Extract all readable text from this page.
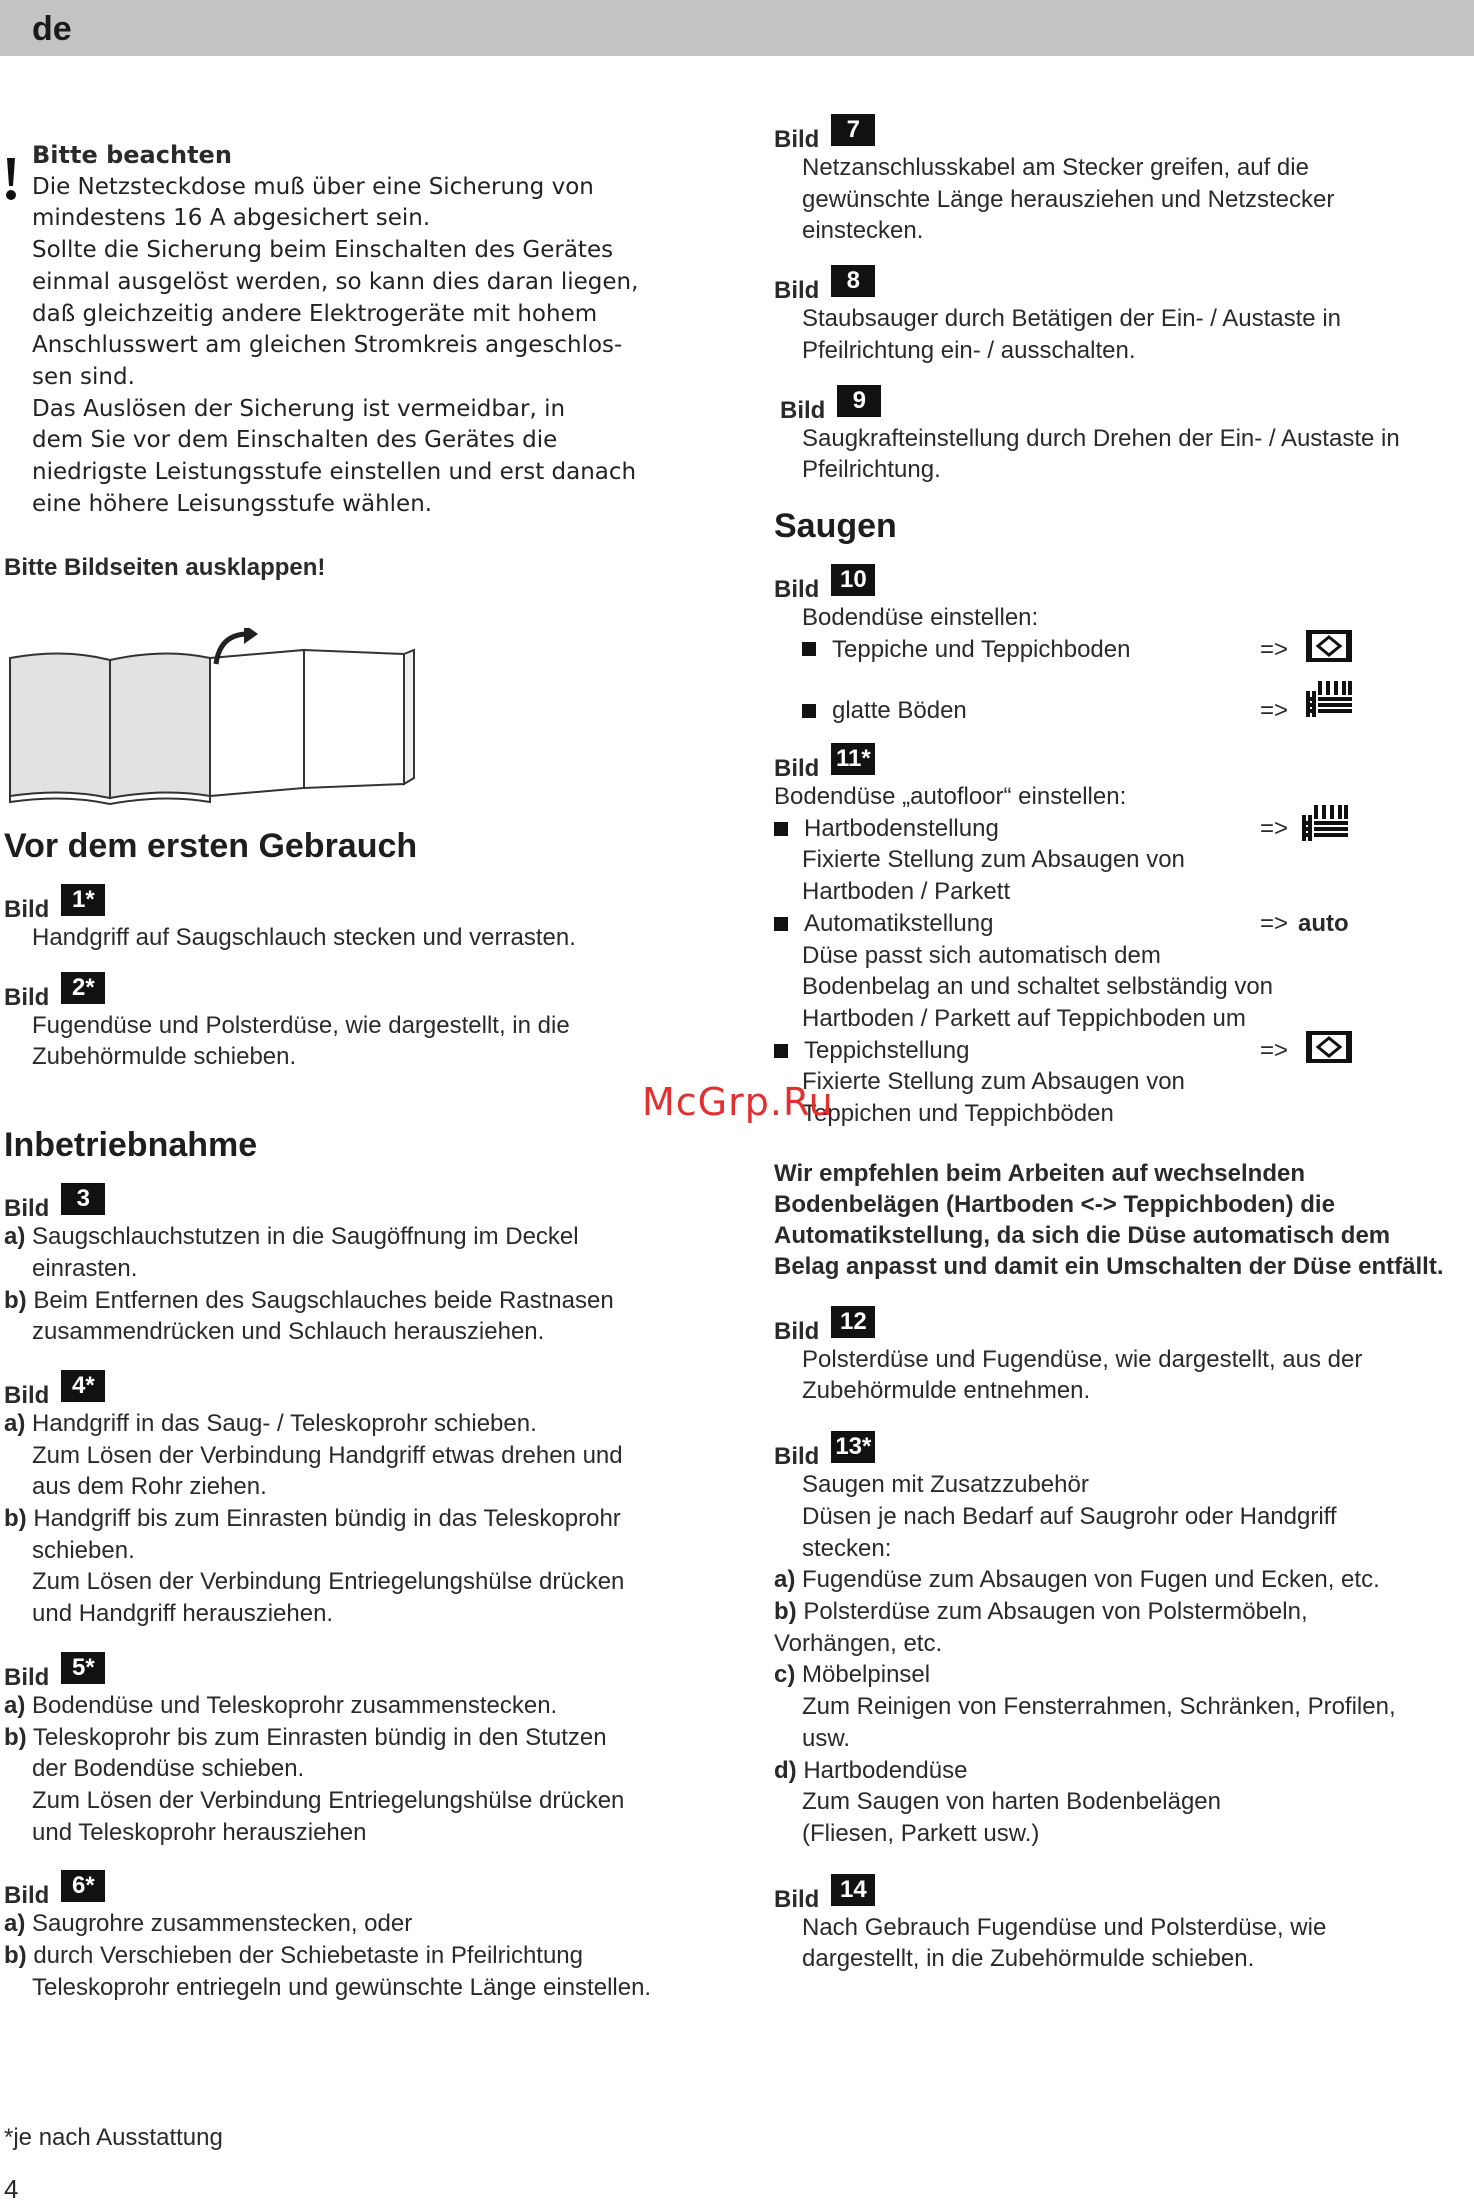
de
Bitte beachten
Die Netzsteckdose muß über eine Sicherung von
mindestens 16 A abgesichert sein.
Sollte die Sicherung beim Einschalten des Gerätes
einmal ausgelöst werden, so kann dies daran liegen,
daß gleichzeitig andere Elektrogeräte mit hohem
Anschlusswert am gleichen Stromkreis angeschlos-
sen sind.
Das Auslösen der Sicherung ist vermeidbar, in
dem Sie vor dem Einschalten des Gerätes die
niedrigste Leistungsstufe einstellen und erst danach
eine höhere Leisungsstufe wählen.
Bitte Bildseiten ausklappen!
Vor dem ersten Gebrauch
Bild 1*
Handgriff auf Saugschlauch stecken und verrasten.
Bild 2*
Fugendüse und Polsterdüse, wie dargestellt, in die
Zubehörmulde schieben.
Inbetriebnahme
Bild	3
a) Saugschlauchstutzen in die Saugöffnung im Deckel
einrasten.
b) Beim Entfernen des Saugschlauches beide Rastnasen
zusammendrücken und Schlauch herausziehen.
Bild 4*
a) Handgriff in das Saug- / Teleskoprohr schieben.
Zum Lösen der Verbindung Handgriff etwas drehen und
aus dem Rohr ziehen.
b) Handgriff bis zum Einrasten bündig in das Teleskoprohr
schieben.
Zum Lösen der Verbindung Entriegelungshülse drücken
und Handgriff herausziehen.
Bild 5*
a) Bodendüse und Teleskoprohr zusammenstecken.
b) Teleskoprohr bis zum Einrasten bündig in den Stutzen
der Bodendüse schieben.
Zum Lösen der Verbindung Entriegelungshülse drücken
und Teleskoprohr herausziehen
Bild 6*
a) Saugrohre zusammenstecken, oder
b) durch Verschieben der Schiebetaste in Pfeilrichtung
Teleskoprohr entriegeln und gewünschte Länge einstellen.
Bild	7
Netzanschlusskabel am Stecker greifen, auf die
gewünschte Länge herausziehen und Netzstecker
einstecken.
Bild	8
Staubsauger durch Betätigen der Ein- / Austaste in
Pfeilrichtung ein- / ausschalten.
Bild	9
Saugkrafteinstellung durch Drehen der Ein- / Austaste in
Pfeilrichtung.
Saugen
Bild 10
Bodendüse einstellen:
Teppiche und Teppichboden	=>
glatte Böden	=>
Bild 11*
Bodendüse „autofloor“ einstellen:
Hartbodenstellung	=>
Fixierte Stellung zum Absaugen von
Hartboden / Parkett
Automatikstellung	=> auto
Düse passt sich automatisch dem
Bodenbelag an und schaltet selbständig von
Hartboden / Parkett auf Teppichboden um
Teppichstellung	=>
Fixierte Stellung zum Absaugen von
Teppichen und Teppichböden
Wir empfehlen beim Arbeiten auf wechselnden
Bodenbelägen (Hartboden <-> Teppichboden) die
Automatikstellung, da sich die Düse automatisch dem
Belag anpasst und damit ein Umschalten der Düse entfällt.
Bild 12
Polsterdüse und Fugendüse, wie dargestellt, aus der
Zubehörmulde entnehmen.
Bild 13*
Saugen mit Zusatzzubehör
Düsen je nach Bedarf auf Saugrohr oder Handgriff
stecken:
a) Fugendüse zum Absaugen von Fugen und Ecken, etc.
b) Polsterdüse zum Absaugen von Polstermöbeln,
Vorhängen, etc.
c) Möbelpinsel
Zum Reinigen von Fensterrahmen, Schränken, Profilen,
usw.
d) Hartbodendüse
Zum Saugen von harten Bodenbelägen
(Fliesen, Parkett usw.)
Bild 14
Nach Gebrauch Fugendüse und Polsterdüse, wie
dargestellt, in die Zubehörmulde schieben.
McGrp.Ru
*je nach Ausstattung
4
